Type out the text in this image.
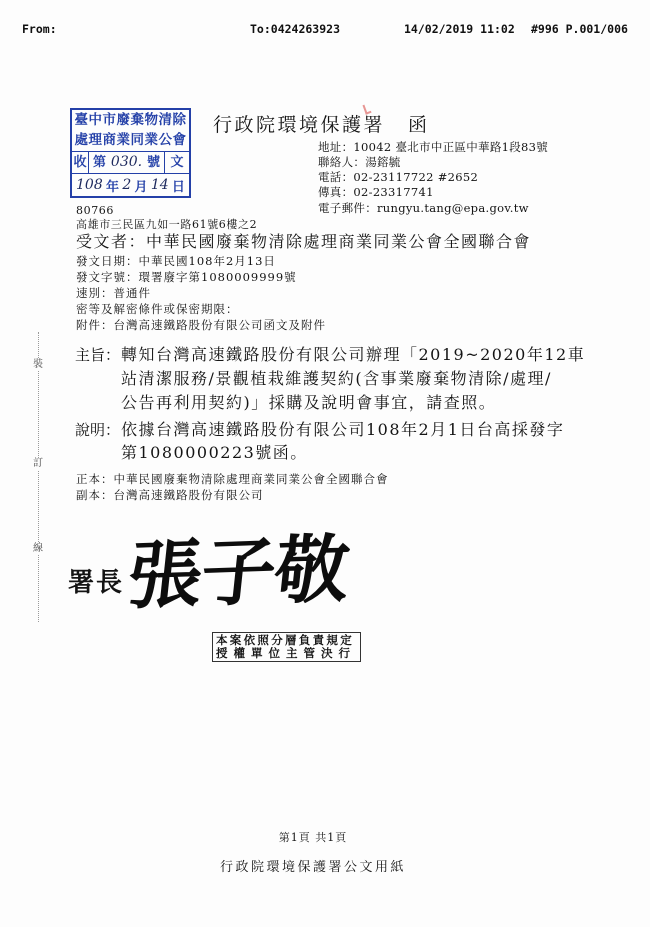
From:	To:0424263923	14/02/2019 11:02 #996 P.001/006
臺中市廢棄物清除
處理商業同業公會
收 第 030. 號 文
108 年 2 月 14 日
行政院環境保護署 函
地址：10042 臺北市中正區中華路1段83號
聯絡人：湯鎔毓
電話：02-23117722 #2652
傳真：02-23317741
電子郵件：rungyu.tang@epa.gov.tw
80766
高雄市三民區九如一路61號6樓之2
受文者：中華民國廢棄物清除處理商業同業公會全國聯合會
發文日期：中華民國108年2月13日
發文字號：環署廢字第1080009999號
速別：普通件
密等及解密條件或保密期限：
附件：台灣高速鐵路股份有限公司函文及附件
裝
訂
線
主旨： 轉知台灣高速鐵路股份有限公司辦理「2019~2020年12車
站清潔服務/景觀植栽維護契約(含事業廢棄物清除/處理/
公告再利用契約)」採購及說明會事宜，請查照。
說明： 依據台灣高速鐵路股份有限公司108年2月1日台高採發字
第1080000223號函。
正本：中華民國廢棄物清除處理商業同業公會全國聯合會
副本：台灣高速鐵路股份有限公司
署長 張子敬
本案依照分層負責規定
授權單位主管決行
第1頁 共1頁
行政院環境保護署公文用紙
